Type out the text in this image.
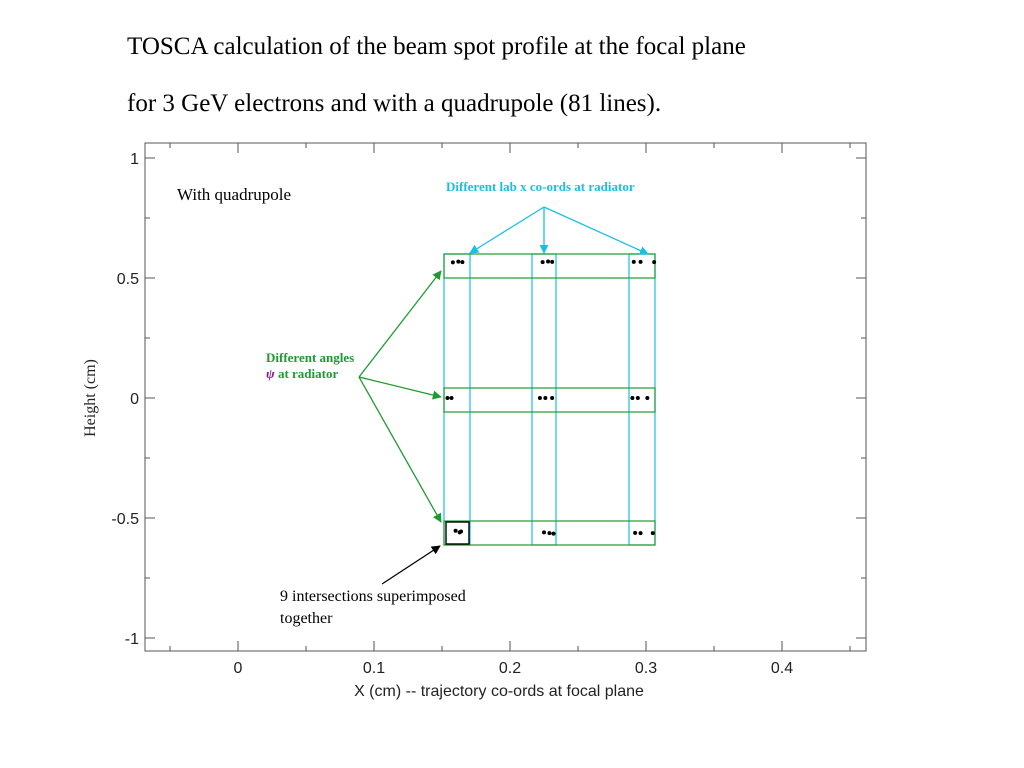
TOSCA calculation of the beam spot profile at the focal plane
for 3 GeV electrons and with a quadrupole (81 lines).
0	0.1	0.2	0.3	0.4
-1
-0.5
0
0.5
1
X (cm) -- trajectory co-ords at focal plane
Height (cm)
With quadrupole	Different lab x co-ords at radiator
Different angles ψ at radiator
9 intersections superimposed together
